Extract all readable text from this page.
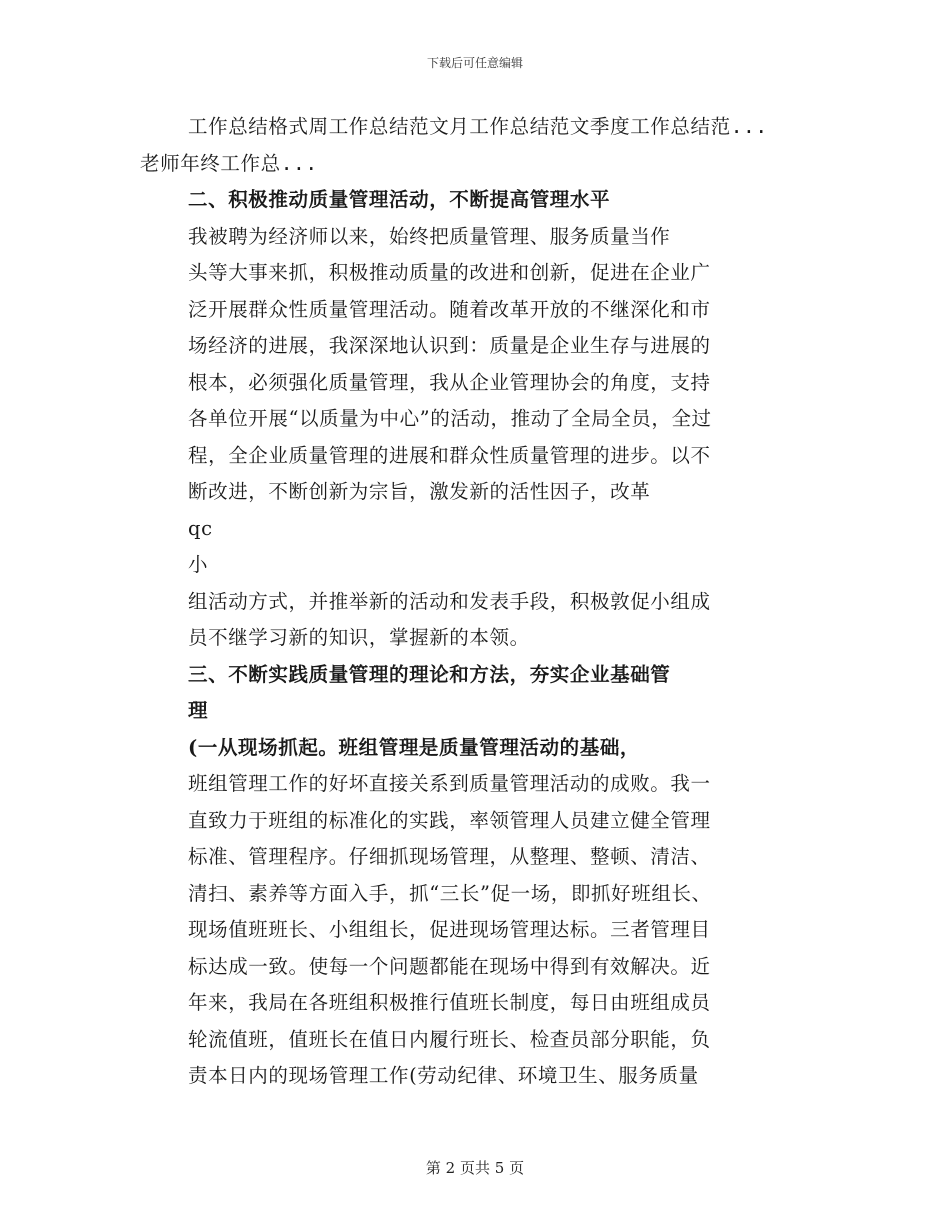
下载后可任意编辑
工作总结格式周工作总结范文月工作总结范文季度工作总结范...
老师年终工作总...
二、积极推动质量管理活动，不断提高管理水平
我被聘为经济师以来，始终把质量管理、服务质量当作
头等大事来抓，积极推动质量的改进和创新，促进在企业广
泛开展群众性质量管理活动。随着改革开放的不继深化和市
场经济的进展，我深深地认识到：质量是企业生存与进展的
根本，必须强化质量管理，我从企业管理协会的角度，支持
各单位开展“以质量为中心”的活动，推动了全局全员，全过
程，全企业质量管理的进展和群众性质量管理的进步。以不
断改进，不断创新为宗旨，激发新的活性因子，改革
qc
小
组活动方式，并推举新的活动和发表手段，积极敦促小组成
员不继学习新的知识，掌握新的本领。
三、不断实践质量管理的理论和方法，夯实企业基础管
理
(一从现场抓起。班组管理是质量管理活动的基础，
班组管理工作的好坏直接关系到质量管理活动的成败。我一
直致力于班组的标准化的实践，率领管理人员建立健全管理
标准、管理程序。仔细抓现场管理，从整理、整顿、清洁、
清扫、素养等方面入手，抓“三长”促一场，即抓好班组长、
现场值班班长、小组组长，促进现场管理达标。三者管理目
标达成一致。使每一个问题都能在现场中得到有效解决。近
年来，我局在各班组积极推行值班长制度，每日由班组成员
轮流值班，值班长在值日内履行班长、检查员部分职能，负
责本日内的现场管理工作(劳动纪律、环境卫生、服务质量
第 2 页共 5 页
